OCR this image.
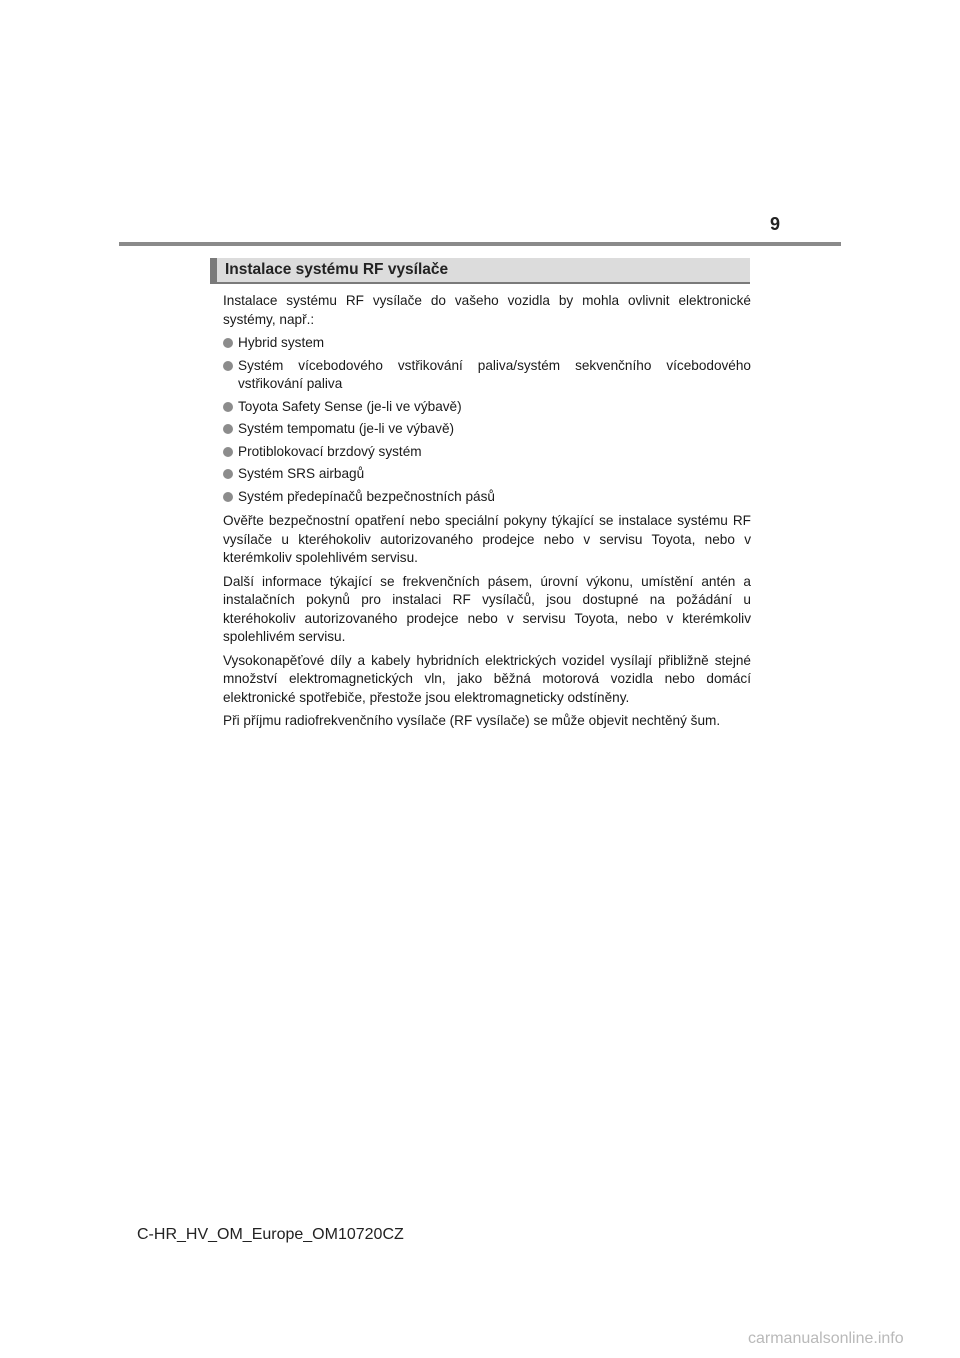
9
Instalace systému RF vysílače

Instalace systému RF vysílače do vašeho vozidla by mohla ovlivnit elektronické systémy, např.:

Hybrid system
Systém vícebodového vstřikování paliva/systém sekvenčního vícebodového vstřikování paliva
Toyota Safety Sense (je-li ve výbavě)
Systém tempomatu (je-li ve výbavě)
Protiblokovací brzdový systém
Systém SRS airbagů
Systém předepínačů bezpečnostních pásů

Ověřte bezpečnostní opatření nebo speciální pokyny týkající se instalace systému RF vysílače u kteréhokoliv autorizovaného prodejce nebo v servisu Toyota, nebo v kterémkoliv spolehlivém servisu.

Další informace týkající se frekvenčních pásem, úrovní výkonu, umístění antén a instalačních pokynů pro instalaci RF vysílačů, jsou dostupné na požádání u kteréhokoliv autorizovaného prodejce nebo v servisu Toyota, nebo v kterémkoliv spolehlivém servisu.

Vysokonapěťové díly a kabely hybridních elektrických vozidel vysílají přibližně stejné množství elektromagnetických vln, jako běžná motorová vozidla nebo domácí elektronické spotřebiče, přestože jsou elektromagneticky odstíněny.

Při příjmu radiofrekvenčního vysílače (RF vysílače) se může objevit nechtěný šum.

C-HR_HV_OM_Europe_OM10720CZ
carmanualsonline.info
